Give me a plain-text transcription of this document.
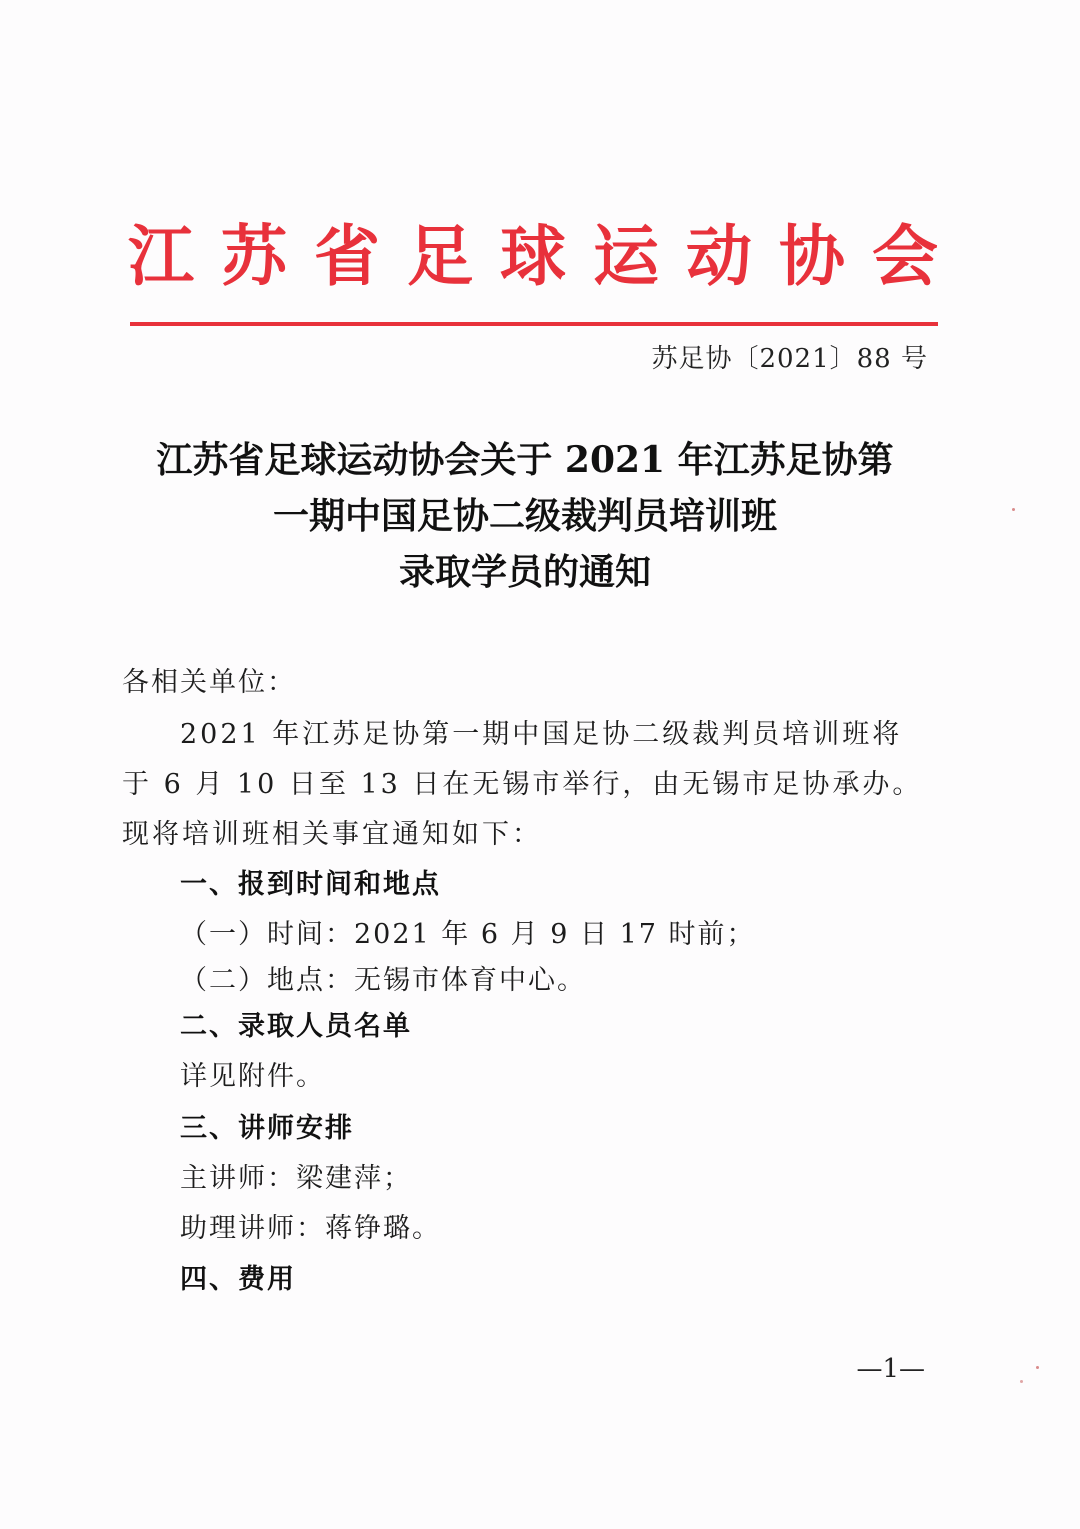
江 苏 省 足 球 运 动 协 会
苏足协〔2021〕88 号
江苏省足球运动协会关于 2021 年江苏足协第
一期中国足协二级裁判员培训班
录取学员的通知
各相关单位：
2021 年江苏足协第一期中国足协二级裁判员培训班将于 6 月 10 日至 13 日在无锡市举行，由无锡市足协承办。现将培训班相关事宜通知如下：
一、报到时间和地点
（一）时间：2021 年 6 月 9 日 17 时前；
（二）地点：无锡市体育中心。
二、录取人员名单
详见附件。
三、讲师安排
主讲师：梁建萍；
助理讲师：蒋铮璐。
四、费用
—1—
